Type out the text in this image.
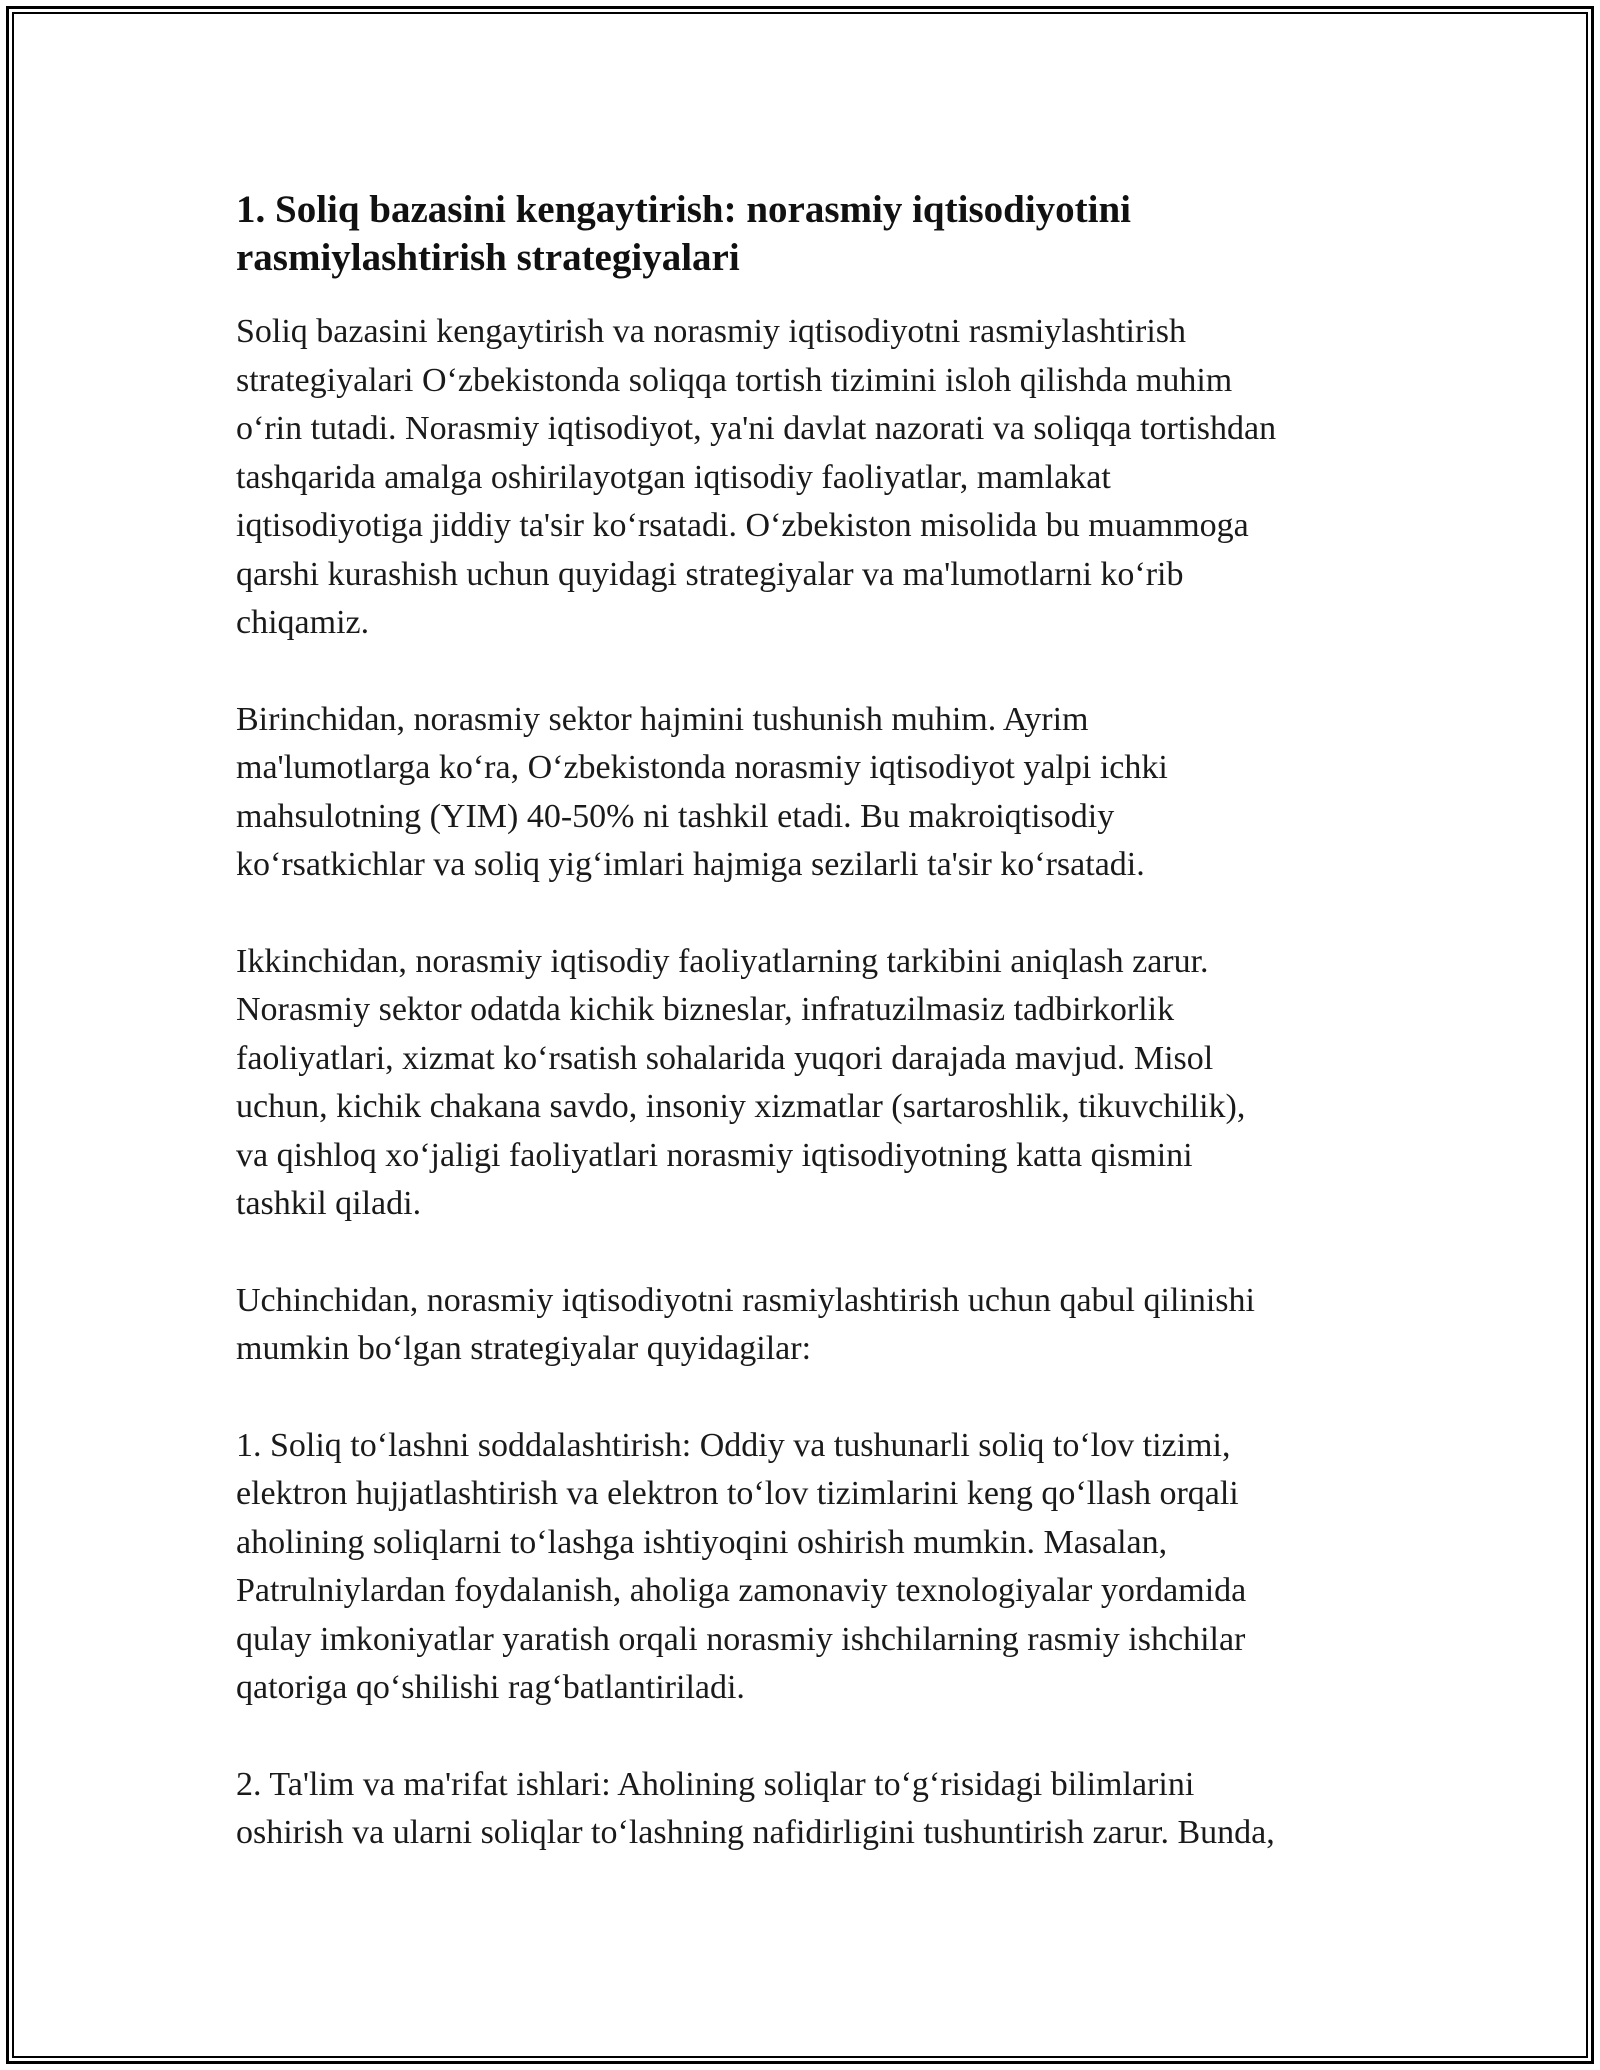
1. Soliq bazasini kengaytirish: norasmiy iqtisodiyotini
rasmiylashtirish strategiyalari

Soliq bazasini kengaytirish va norasmiy iqtisodiyotni rasmiylashtirish
strategiyalari O‘zbekistonda soliqqa tortish tizimini isloh qilishda muhim
o‘rin tutadi. Norasmiy iqtisodiyot, ya'ni davlat nazorati va soliqqa tortishdan
tashqarida amalga oshirilayotgan iqtisodiy faoliyatlar, mamlakat
iqtisodiyotiga jiddiy ta'sir ko‘rsatadi. O‘zbekiston misolida bu muammoga
qarshi kurashish uchun quyidagi strategiyalar va ma'lumotlarni ko‘rib
chiqamiz.

Birinchidan, norasmiy sektor hajmini tushunish muhim. Ayrim
ma'lumotlarga ko‘ra, O‘zbekistonda norasmiy iqtisodiyot yalpi ichki
mahsulotning (YIM) 40-50% ni tashkil etadi. Bu makroiqtisodiy
ko‘rsatkichlar va soliq yig‘imlari hajmiga sezilarli ta'sir ko‘rsatadi.

Ikkinchidan, norasmiy iqtisodiy faoliyatlarning tarkibini aniqlash zarur.
Norasmiy sektor odatda kichik bizneslar, infratuzilmasiz tadbirkorlik
faoliyatlari, xizmat ko‘rsatish sohalarida yuqori darajada mavjud. Misol
uchun, kichik chakana savdo, insoniy xizmatlar (sartaroshlik, tikuvchilik),
va qishloq xo‘jaligi faoliyatlari norasmiy iqtisodiyotning katta qismini
tashkil qiladi.

Uchinchidan, norasmiy iqtisodiyotni rasmiylashtirish uchun qabul qilinishi
mumkin bo‘lgan strategiyalar quyidagilar:

1. Soliq to‘lashni soddalashtirish: Oddiy va tushunarli soliq to‘lov tizimi,
elektron hujjatlashtirish va elektron to‘lov tizimlarini keng qo‘llash orqali
aholining soliqlarni to‘lashga ishtiyoqini oshirish mumkin. Masalan,
Patrulniylardan foydalanish, aholiga zamonaviy texnologiyalar yordamida
qulay imkoniyatlar yaratish orqali norasmiy ishchilarning rasmiy ishchilar
qatoriga qo‘shilishi rag‘batlantiriladi.

2. Ta'lim va ma'rifat ishlari: Aholining soliqlar to‘g‘risidagi bilimlarini
oshirish va ularni soliqlar to‘lashning nafidirligini tushuntirish zarur. Bunda,
